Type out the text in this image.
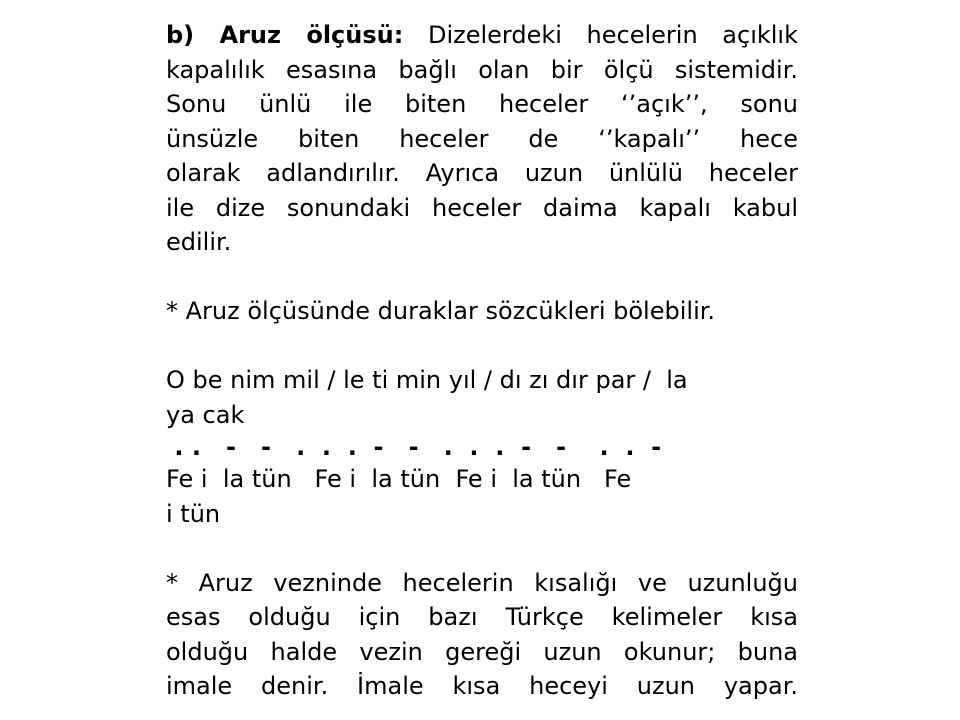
b) Aruz ölçüsü: Dizelerdeki hecelerin açıklık
kapalılık esasına bağlı olan bir ölçü sistemidir.
Sonu ünlü ile biten heceler ‘’açık’’, sonu
ünsüzle biten heceler de ‘’kapalı’’ hece
olarak adlandırılır. Ayrıca uzun ünlülü heceler
ile dize sonundaki heceler daima kapalı kabul
edilir.
* Aruz ölçüsünde duraklar sözcükleri bölebilir.
O be nim mil / le ti min yıl / dı zı dır par /  la
ya cak
. .   -   -   .  .  .  -   -   .  .  .  -   -    .  .  -
Fe i  la tün   Fe i  la tün  Fe i  la tün   Fe
i tün
* Aruz vezninde hecelerin kısalığı ve uzunluğu
esas olduğu için bazı Türkçe kelimeler kısa
olduğu halde vezin gereği uzun okunur; buna
imale denir. İmale kısa heceyi uzun yapar.
